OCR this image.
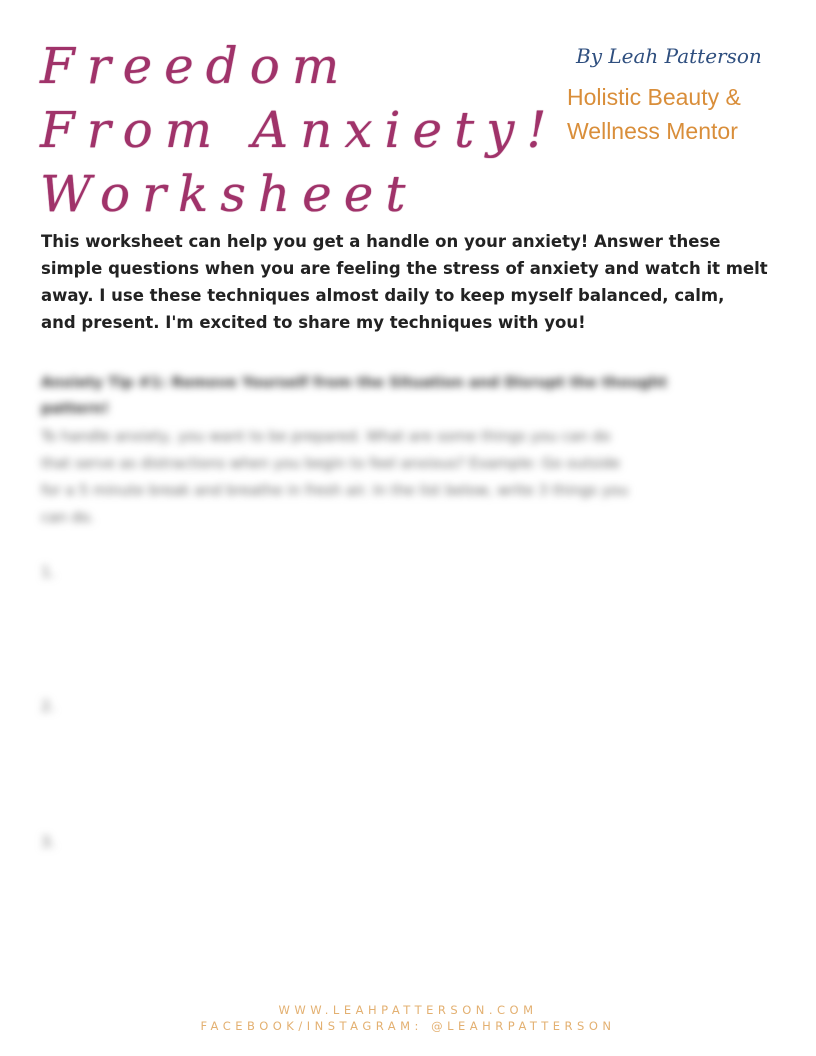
Freedom
From Anxiety!
Worksheet
By Leah Patterson
Holistic Beauty &
Wellness Mentor
This worksheet can help you get a handle on your anxiety! Answer these
simple questions when you are feeling the stress of anxiety and watch it melt
away. I use these techniques almost daily to keep myself balanced, calm,
and present. I'm excited to share my techniques with you!
Anxiety Tip #1: Remove Yourself from the Situation and Disrupt the thought
pattern!
To handle anxiety, you want to be prepared. What are some things you can do
that serve as distractions when you begin to feel anxious? Example: Go outside
for a 5 minute break and breathe in fresh air. In the list below, write 3 things you
can do.
1.
2.
3.
WWW.LEAHPATTERSON.COM
FACEBOOK/INSTAGRAM: @LEAHRPATTERSON
